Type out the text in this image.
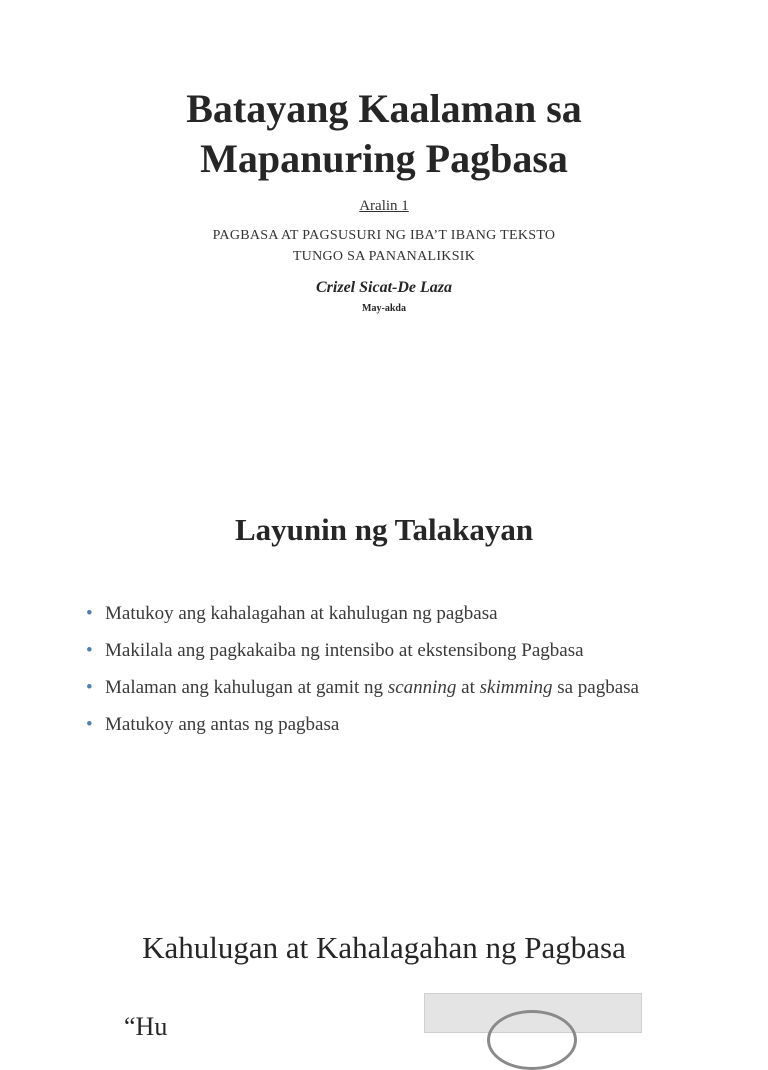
Batayang Kaalaman sa
Mapanuring Pagbasa
Aralin 1
PAGBASA AT PAGSUSURI NG IBA’T IBANG TEKSTO
TUNGO SA PANANALIKSIK
Crizel Sicat-De Laza
May-akda
Layunin ng Talakayan
• Matukoy ang kahalagahan at kahulugan ng pagbasa
• Makilala ang pagkakaiba ng intensibo at ekstensibong Pagbasa
• Malaman ang kahulugan at gamit ng scanning at skimming sa pagbasa
• Matukoy ang antas ng pagbasa
Kahulugan at Kahalagahan ng Pagbasa
“Hu
